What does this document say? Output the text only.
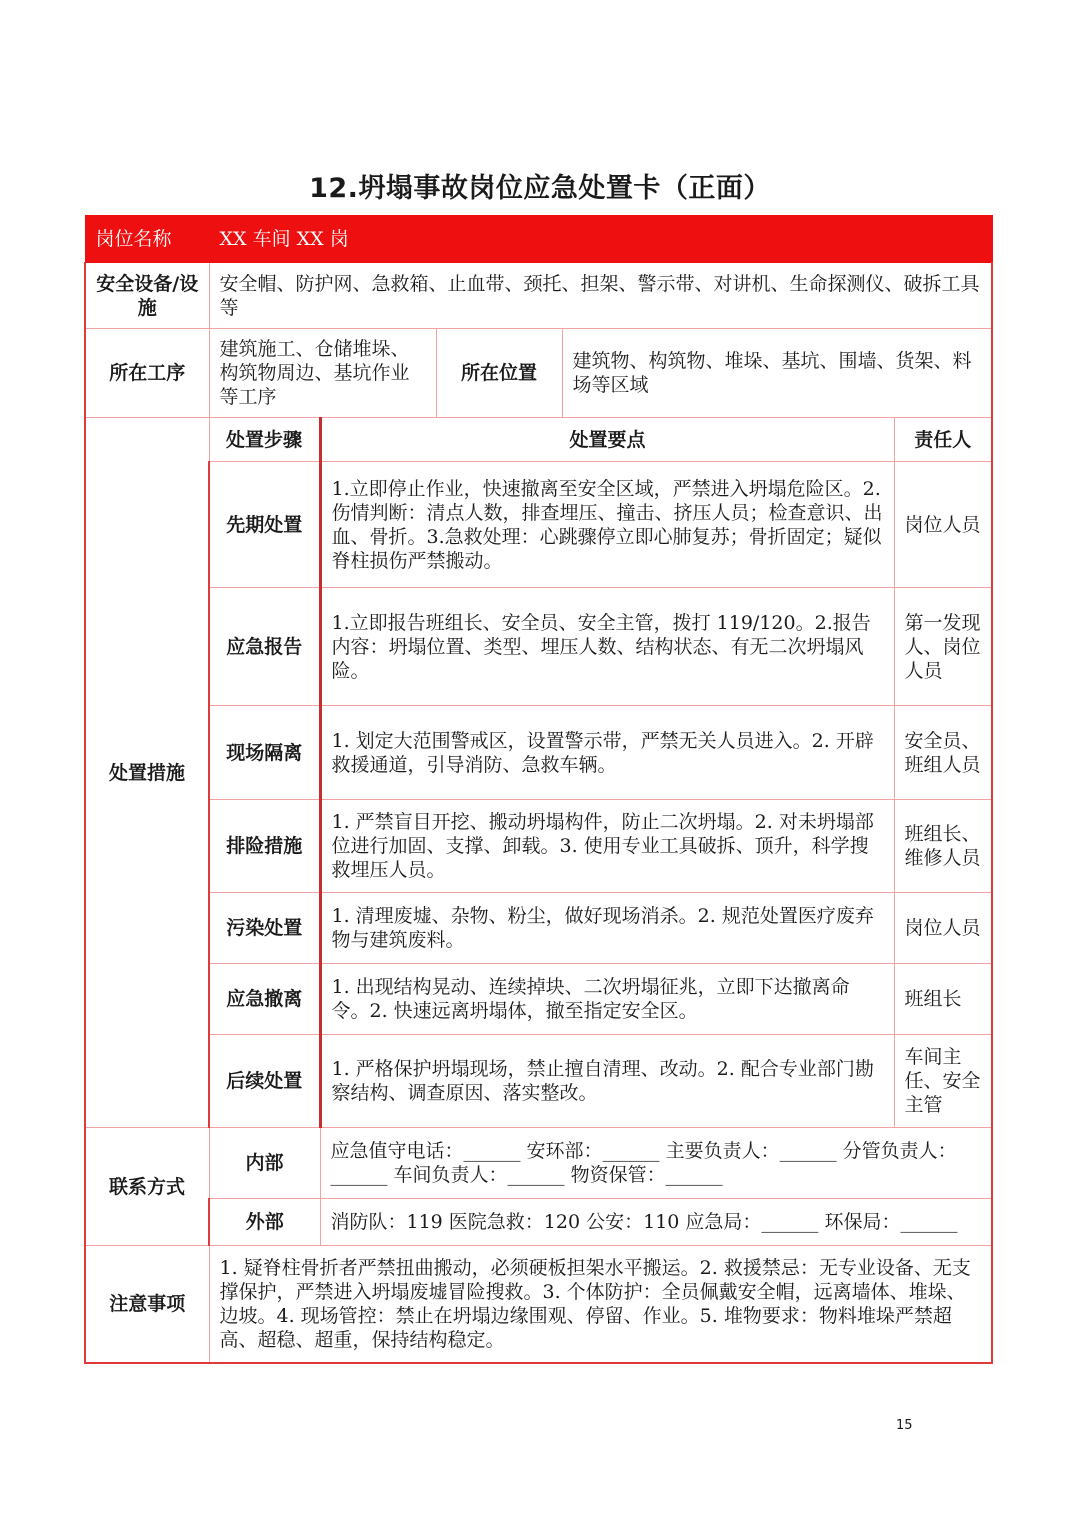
12.坍塌事故岗位应急处置卡（正面）
岗位名称	XX 车间 XX 岗				
安全设备/设施	安全帽、防护网、急救箱、止血带、颈托、担架、警示带、对讲机、生命探测仪、破拆工具等				
所在工序	建筑施工、仓储堆垛、构筑物周边、基坑作业等工序		所在位置	建筑物、构筑物、堆垛、基坑、围墙、货架、料场等区域	
处置措施	处置步骤	处置要点			责任人
	先期处置	1.立即停止作业，快速撤离至安全区域，严禁进入坍塌危险区。2.伤情判断：清点人数，排查埋压、撞击、挤压人员；检查意识、出血、骨折。3.急救处理：心跳骤停立即心肺复苏；骨折固定；疑似脊柱损伤严禁搬动。			岗位人员
	应急报告	1.立即报告班组长、安全员、安全主管，拨打 119/120。2.报告内容：坍塌位置、类型、埋压人数、结构状态、有无二次坍塌风险。			第一发现人、岗位人员
	现场隔离	1. 划定大范围警戒区，设置警示带，严禁无关人员进入。2. 开辟救援通道，引导消防、急救车辆。			安全员、班组人员
	排险措施	1. 严禁盲目开挖、搬动坍塌构件，防止二次坍塌。2. 对未坍塌部位进行加固、支撑、卸载。3. 使用专业工具破拆、顶升，科学搜救埋压人员。			班组长、维修人员
	污染处置	1. 清理废墟、杂物、粉尘，做好现场消杀。2. 规范处置医疗废弃物与建筑废料。			岗位人员
	应急撤离	1. 出现结构晃动、连续掉块、二次坍塌征兆，立即下达撤离命令。2. 快速远离坍塌体，撤至指定安全区。			班组长
	后续处置	1. 严格保护坍塌现场，禁止擅自清理、改动。2. 配合专业部门勘察结构、调查原因、落实整改。			车间主任、安全主管
联系方式	内部	应急值守电话：______ 安环部：______ 主要负责人：______ 分管负责人：______ 车间负责人：______ 物资保管：______			
	外部	消防队：119 医院急救：120 公安：110 应急局：______ 环保局：______			
注意事项	1. 疑脊柱骨折者严禁扭曲搬动，必须硬板担架水平搬运。2. 救援禁忌：无专业设备、无支撑保护，严禁进入坍塌废墟冒险搜救。3. 个体防护：全员佩戴安全帽，远离墙体、堆垛、边坡。4. 现场管控：禁止在坍塌边缘围观、停留、作业。5. 堆物要求：物料堆垛严禁超高、超稳、超重，保持结构稳定。				
15
